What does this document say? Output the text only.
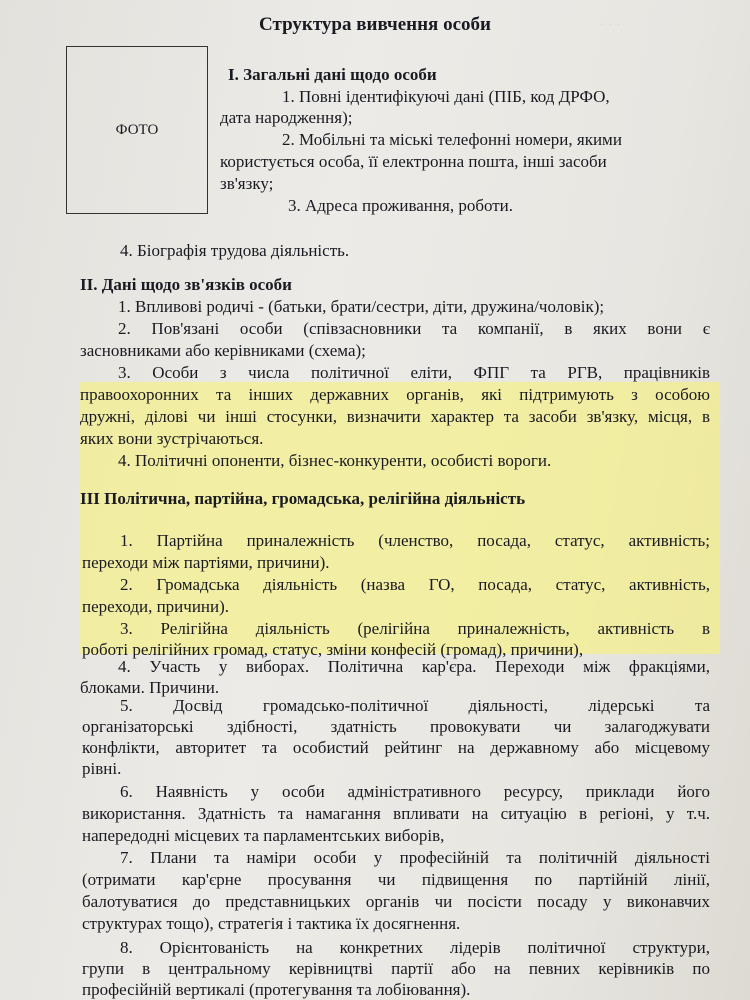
· · ·
Структура вивчення особи
ФОТО
І. Загальні дані щодо особи
1. Повні ідентифікуючі дані (ПІБ, код ДРФО,
дата народження);
2. Мобільні та міські телефонні номери, якими
користується особа, її електронна пошта, інші засоби
зв'язку;
3. Адреса проживання, роботи.
4. Біографія трудова діяльність.
ІІ. Дані щодо зв'язків особи
1. Впливові родичі - (батьки, брати/сестри, діти, дружина/чоловік);
2. Пов'язані особи (співзасновники та компанії, в яких вони є
засновниками або керівниками (схема);
3. Особи з числа політичної еліти, ФПГ та РГВ, працівників
правоохоронних та інших державних органів, які підтримують з особою
дружні, ділові чи інші стосунки, визначити характер та засоби зв'язку, місця, в
яких вони зустрічаються.
4. Політичні опоненти, бізнес-конкуренти, особисті вороги.
ІІІ Політична, партійна, громадська, релігійна діяльність
1. Партійна приналежність (членство, посада, статус, активність;
переходи між партіями, причини).
2. Громадська діяльність (назва ГО, посада, статус, активність,
переходи, причини).
3. Релігійна діяльність (релігійна приналежність, активність в
роботі релігійних громад, статус, зміни конфесій (громад), причини),
4. Участь у виборах. Політична кар'єра. Переходи між фракціями,
блоками. Причини.
5. Досвід громадсько-політичної діяльності, лідерські та
організаторські здібності, здатність провокувати чи залагоджувати
конфлікти, авторитет та особистий рейтинг на державному або місцевому
рівні.
6. Наявність у особи адміністративного ресурсу, приклади його
використання. Здатність та намагання впливати на ситуацію в регіоні, у т.ч.
напередодні місцевих та парламентських виборів,
7. Плани та наміри особи у професійній та політичній діяльності
(отримати кар'єрне просування чи підвищення по партійній лінії,
балотуватися до представницьких органів чи посісти посаду у виконавчих
структурах тощо), стратегія і тактика їх досягнення.
8. Орієнтованість на конкретних лідерів політичної структури,
групи в центральному керівництві партії або на певних керівників по
професійній вертикалі (протегування та лобіювання).
